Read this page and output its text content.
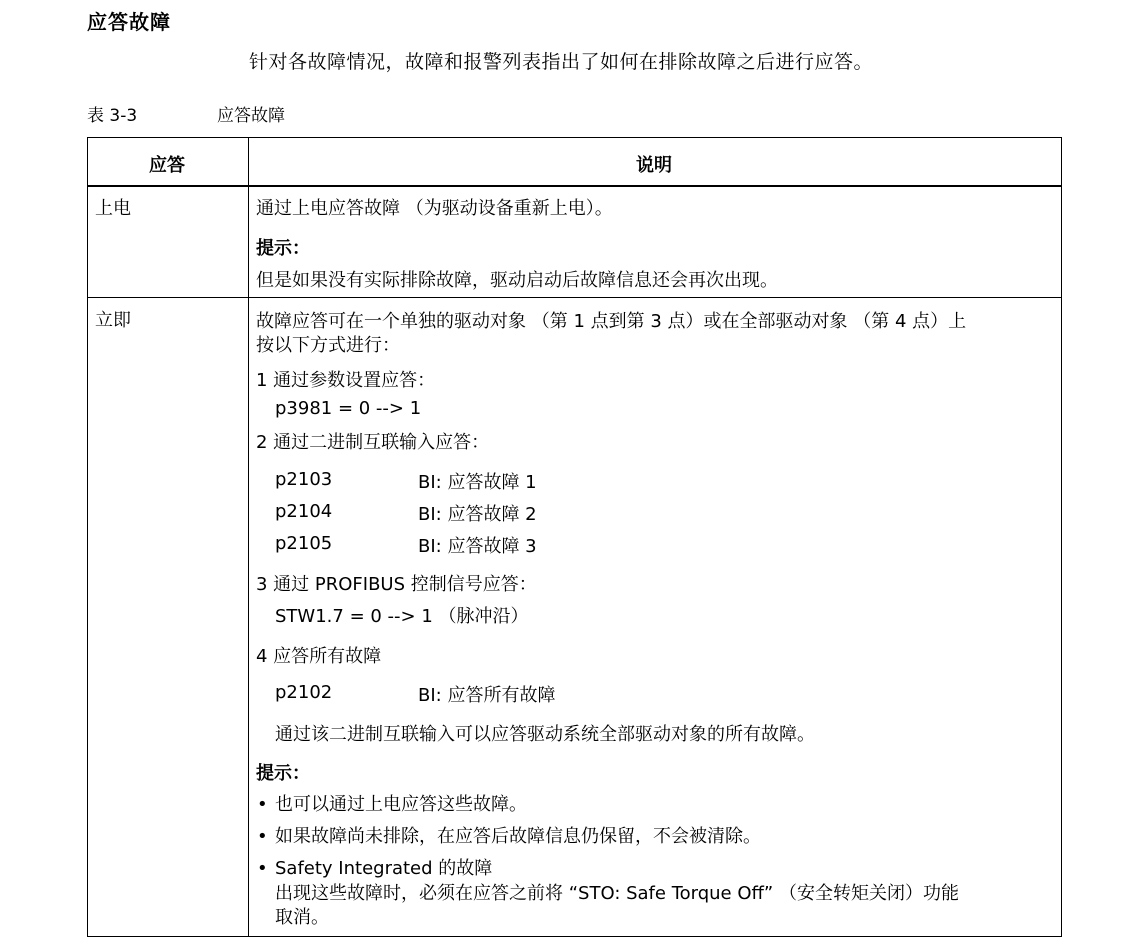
应答故障
针对各故障情况，故障和报警列表指出了如何在排除故障之后进行应答。
表 3-3	应答故障
应答	说明
上电	通过上电应答故障 （为驱动设备重新上电）。
提示：
但是如果没有实际排除故障，驱动启动后故障信息还会再次出现。
立即	故障应答可在一个单独的驱动对象 （第 1 点到第 3 点）或在全部驱动对象 （第 4 点）上
按以下方式进行：
1 通过参数设置应答：
p3981 = 0 --> 1
2 通过二进制互联输入应答：
p2103	BI: 应答故障 1
p2104	BI: 应答故障 2
p2105	BI: 应答故障 3
3 通过 PROFIBUS 控制信号应答：
STW1.7 = 0 --> 1 （脉冲沿）
4 应答所有故障
p2102	BI: 应答所有故障
通过该二进制互联输入可以应答驱动系统全部驱动对象的所有故障。
提示：
• 也可以通过上电应答这些故障。
• 如果故障尚未排除，在应答后故障信息仍保留，不会被清除。
• Safety Integrated 的故障
出现这些故障时，必须在应答之前将 “STO: Safe Torque Off” （安全转矩关闭）功能
取消。
